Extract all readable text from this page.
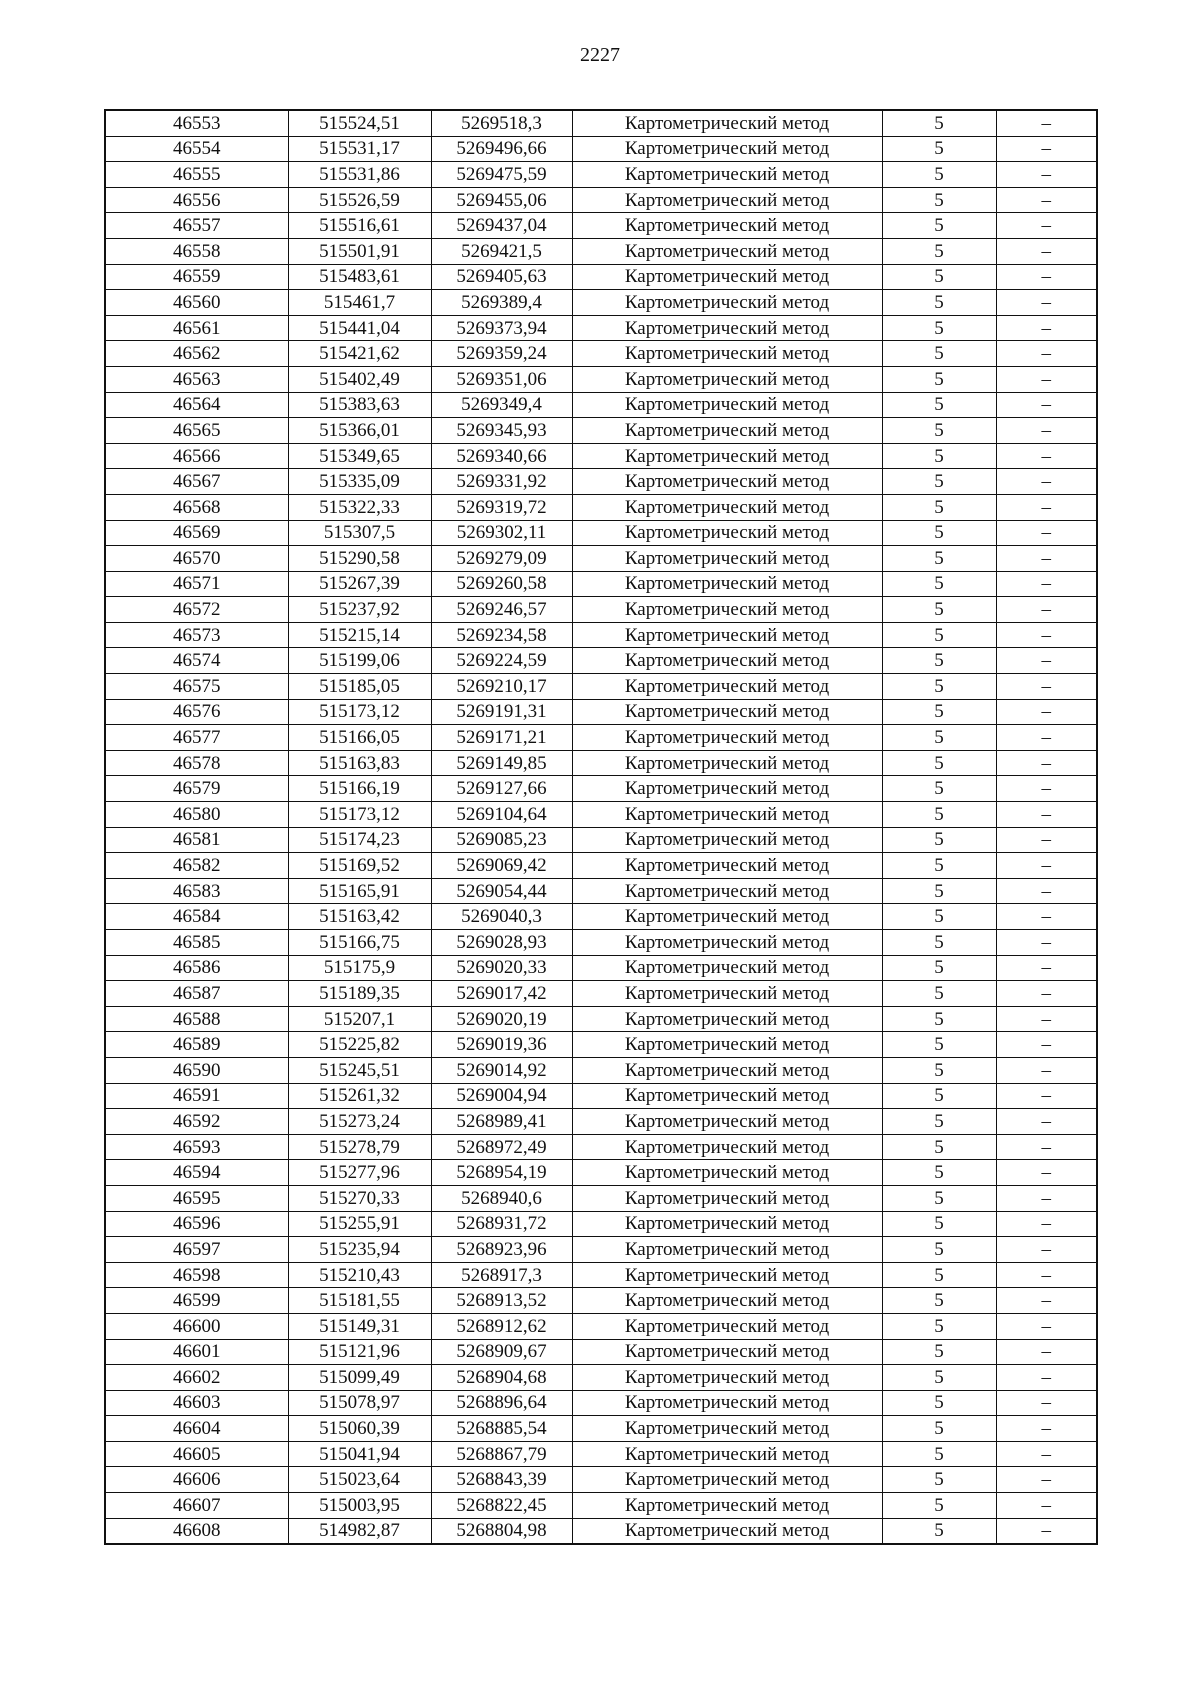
2227
46553	515524,51	5269518,3	Картометрический метод	5	–
46554	515531,17	5269496,66	Картометрический метод	5	–
46555	515531,86	5269475,59	Картометрический метод	5	–
46556	515526,59	5269455,06	Картометрический метод	5	–
46557	515516,61	5269437,04	Картометрический метод	5	–
46558	515501,91	5269421,5	Картометрический метод	5	–
46559	515483,61	5269405,63	Картометрический метод	5	–
46560	515461,7	5269389,4	Картометрический метод	5	–
46561	515441,04	5269373,94	Картометрический метод	5	–
46562	515421,62	5269359,24	Картометрический метод	5	–
46563	515402,49	5269351,06	Картометрический метод	5	–
46564	515383,63	5269349,4	Картометрический метод	5	–
46565	515366,01	5269345,93	Картометрический метод	5	–
46566	515349,65	5269340,66	Картометрический метод	5	–
46567	515335,09	5269331,92	Картометрический метод	5	–
46568	515322,33	5269319,72	Картометрический метод	5	–
46569	515307,5	5269302,11	Картометрический метод	5	–
46570	515290,58	5269279,09	Картометрический метод	5	–
46571	515267,39	5269260,58	Картометрический метод	5	–
46572	515237,92	5269246,57	Картометрический метод	5	–
46573	515215,14	5269234,58	Картометрический метод	5	–
46574	515199,06	5269224,59	Картометрический метод	5	–
46575	515185,05	5269210,17	Картометрический метод	5	–
46576	515173,12	5269191,31	Картометрический метод	5	–
46577	515166,05	5269171,21	Картометрический метод	5	–
46578	515163,83	5269149,85	Картометрический метод	5	–
46579	515166,19	5269127,66	Картометрический метод	5	–
46580	515173,12	5269104,64	Картометрический метод	5	–
46581	515174,23	5269085,23	Картометрический метод	5	–
46582	515169,52	5269069,42	Картометрический метод	5	–
46583	515165,91	5269054,44	Картометрический метод	5	–
46584	515163,42	5269040,3	Картометрический метод	5	–
46585	515166,75	5269028,93	Картометрический метод	5	–
46586	515175,9	5269020,33	Картометрический метод	5	–
46587	515189,35	5269017,42	Картометрический метод	5	–
46588	515207,1	5269020,19	Картометрический метод	5	–
46589	515225,82	5269019,36	Картометрический метод	5	–
46590	515245,51	5269014,92	Картометрический метод	5	–
46591	515261,32	5269004,94	Картометрический метод	5	–
46592	515273,24	5268989,41	Картометрический метод	5	–
46593	515278,79	5268972,49	Картометрический метод	5	–
46594	515277,96	5268954,19	Картометрический метод	5	–
46595	515270,33	5268940,6	Картометрический метод	5	–
46596	515255,91	5268931,72	Картометрический метод	5	–
46597	515235,94	5268923,96	Картометрический метод	5	–
46598	515210,43	5268917,3	Картометрический метод	5	–
46599	515181,55	5268913,52	Картометрический метод	5	–
46600	515149,31	5268912,62	Картометрический метод	5	–
46601	515121,96	5268909,67	Картометрический метод	5	–
46602	515099,49	5268904,68	Картометрический метод	5	–
46603	515078,97	5268896,64	Картометрический метод	5	–
46604	515060,39	5268885,54	Картометрический метод	5	–
46605	515041,94	5268867,79	Картометрический метод	5	–
46606	515023,64	5268843,39	Картометрический метод	5	–
46607	515003,95	5268822,45	Картометрический метод	5	–
46608	514982,87	5268804,98	Картометрический метод	5	–
